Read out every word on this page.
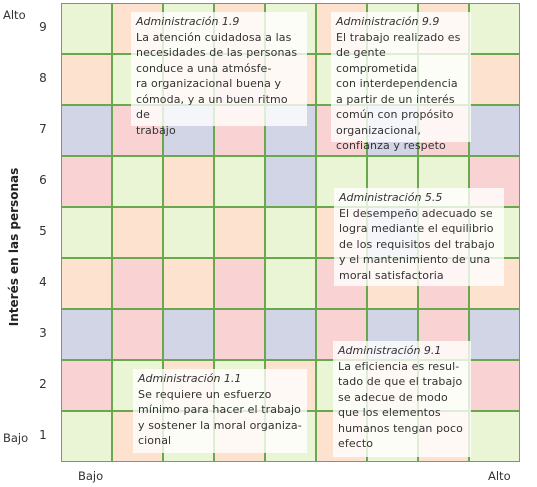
Interés en las personas
Alto
Bajo 1
2
3
4
5
6
7
8
9
Bajo	Alto
Administración 1.9
La atención cuidadosa a las
necesidades de las personas
conduce a una atmósfe-
ra organizacional buena y
cómoda, y a un buen ritmo de
trabajo
Administración 9.9
El trabajo realizado es
de gente comprometida
con interdependencia
a partir de un interés
común con propósito
organizacional,
confianza y respeto
Administración 5.5
El desempeño adecuado se
logra mediante el equilibrio
de los requisitos del trabajo
y el mantenimiento de una
moral satisfactoria
Administración 9.1
La eficiencia es resul-
tado de que el trabajo
se adecue de modo
que los elementos
humanos tengan poco
efecto
Administración 1.1
Se requiere un esfuerzo
mínimo para hacer el trabajo
y sostener la moral organiza-
cional
